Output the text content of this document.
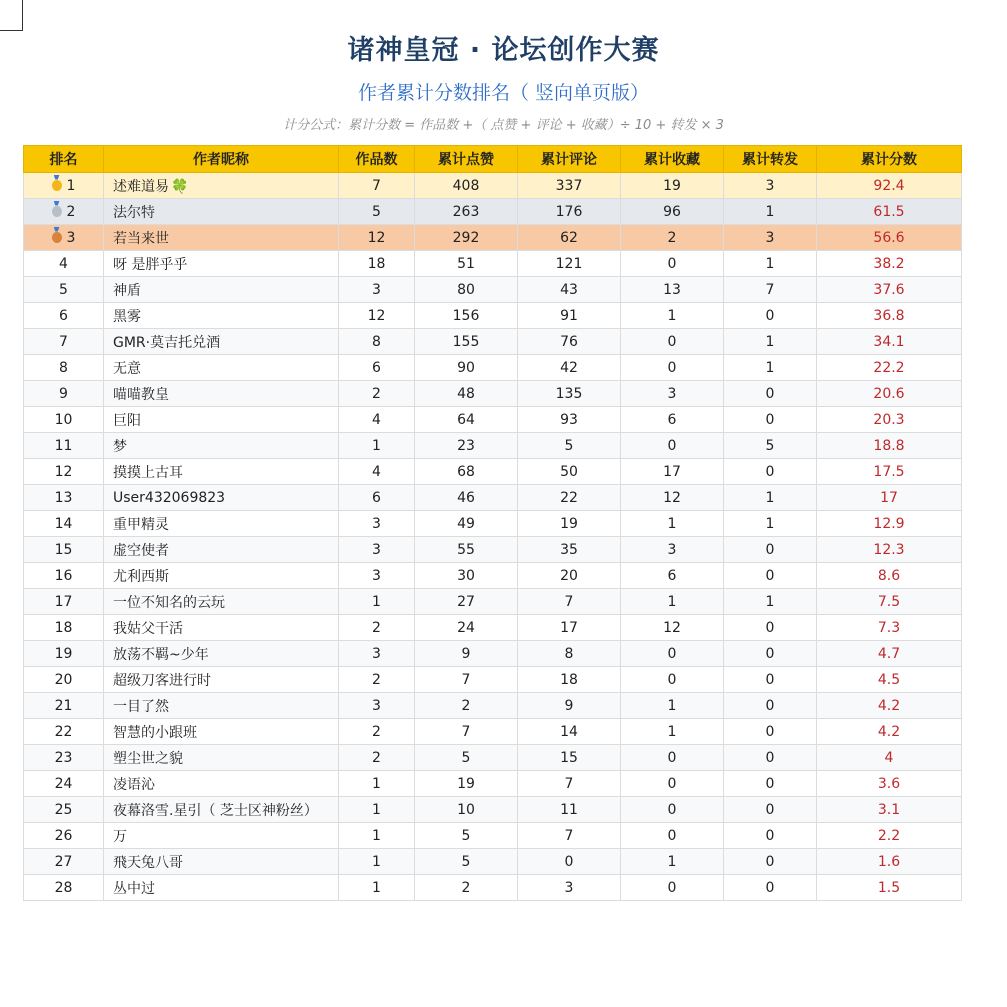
诸神皇冠 · 论坛创作大赛
作者累计分数排名（ 竖向单页版）
计分公式：累计分数 = 作品数 +（ 点赞 + 评论 + 收藏）÷ 10 + 转发 × 3
排名	作者昵称	作品数	累计点赞	累计评论	累计收藏	累计转发	累计分数
1	述难道易 🍀	7	408	337	19	3	92.4
2	法尔特	5	263	176	96	1	61.5
3	若当来世	12	292	62	2	3	56.6
4	呀 是胖乎乎	18	51	121	0	1	38.2
5	神盾	3	80	43	13	7	37.6
6	黑雾	12	156	91	1	0	36.8
7	GMR·莫吉托兑酒	8	155	76	0	1	34.1
8	无意	6	90	42	0	1	22.2
9	喵喵教皇	2	48	135	3	0	20.6
10	巨阳	4	64	93	6	0	20.3
11	梦	1	23	5	0	5	18.8
12	摸摸上古耳	4	68	50	17	0	17.5
13	User432069823	6	46	22	12	1	17
14	重甲精灵	3	49	19	1	1	12.9
15	虚空使者	3	55	35	3	0	12.3
16	尤利西斯	3	30	20	6	0	8.6
17	一位不知名的云玩	1	27	7	1	1	7.5
18	我姑父干活	2	24	17	12	0	7.3
19	放荡不羁~少年	3	9	8	0	0	4.7
20	超级刀客进行时	2	7	18	0	0	4.5
21	一目了然	3	2	9	1	0	4.2
22	智慧的小跟班	2	7	14	1	0	4.2
23	塑尘世之貌	2	5	15	0	0	4
24	凌语沁	1	19	7	0	0	3.6
25	夜幕洛雪.星引（ 芝士区神粉丝）	1	10	11	0	0	3.1
26	万	1	5	7	0	0	2.2
27	飛天兔八哥	1	5	0	1	0	1.6
28	丛中过	1	2	3	0	0	1.5
